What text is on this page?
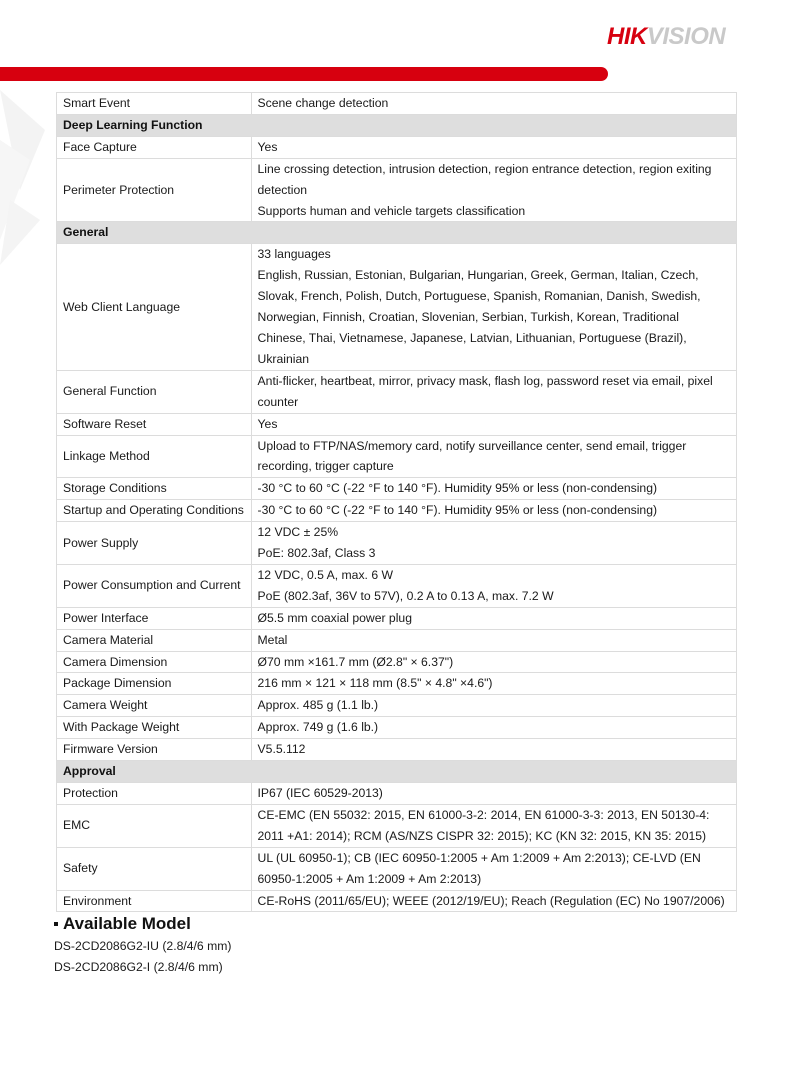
HIKVISION
Smart Event	Scene change detection

Deep Learning Function	
Face Capture	Yes

Perimeter Protection	Line crossing detection, intrusion detection, region entrance detection, region exiting detection
Supports human and vehicle targets classification

General	
Web Client Language	33 languages
English, Russian, Estonian, Bulgarian, Hungarian, Greek, German, Italian, Czech, Slovak, French, Polish, Dutch, Portuguese, Spanish, Romanian, Danish, Swedish, Norwegian, Finnish, Croatian, Slovenian, Serbian, Turkish, Korean, Traditional Chinese, Thai, Vietnamese, Japanese, Latvian, Lithuanian, Portuguese (Brazil), Ukrainian

General Function	Anti-flicker, heartbeat, mirror, privacy mask, flash log, password reset via email, pixel counter

Software Reset	Yes

Linkage Method	Upload to FTP/NAS/memory card, notify surveillance center, send email, trigger recording, trigger capture

Storage Conditions	-30 °C to 60 °C (-22 °F to 140 °F). Humidity 95% or less (non-condensing)

Startup and Operating Conditions	-30 °C to 60 °C (-22 °F to 140 °F). Humidity 95% or less (non-condensing)

Power Supply	12 VDC ± 25%
PoE: 802.3af, Class 3

Power Consumption and Current	12 VDC, 0.5 A, max. 6 W
PoE (802.3af, 36V to 57V), 0.2 A to 0.13 A, max. 7.2 W

Power Interface	Ø5.5 mm coaxial power plug

Camera Material	Metal

Camera Dimension	Ø70 mm ×161.7 mm (Ø2.8" × 6.37")

Package Dimension	216 mm × 121 × 118 mm (8.5" × 4.8" ×4.6")

Camera Weight	Approx. 485 g (1.1 lb.)

With Package Weight	Approx. 749 g (1.6 lb.)

Firmware Version	V5.5.112

Approval	
Protection	IP67 (IEC 60529-2013)

EMC	CE-EMC (EN 55032: 2015, EN 61000-3-2: 2014, EN 61000-3-3: 2013, EN 50130-4: 2011 +A1: 2014); RCM (AS/NZS CISPR 32: 2015); KC (KN 32: 2015, KN 35: 2015)

Safety	UL (UL 60950-1); CB (IEC 60950-1:2005 + Am 1:2009 + Am 2:2013); CE-LVD (EN 60950-1:2005 + Am 1:2009 + Am 2:2013)

Environment	CE-RoHS (2011/65/EU); WEEE (2012/19/EU); Reach (Regulation (EC) No 1907/2006)
Available Model
DS-2CD2086G2-IU (2.8/4/6 mm)
DS-2CD2086G2-I (2.8/4/6 mm)
